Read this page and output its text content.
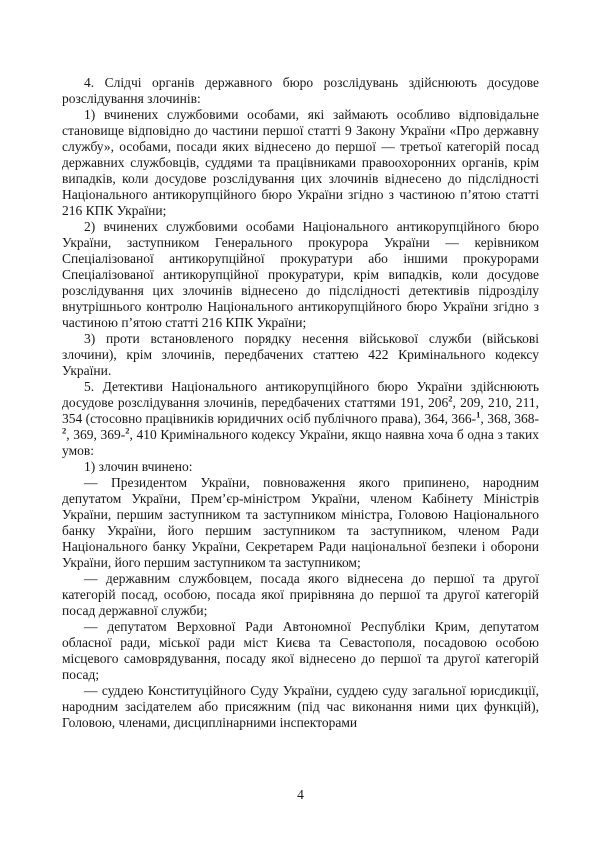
4. Слідчі органів державного бюро розслідувань здійснюють досудове розслідування злочинів:

1) вчинених службовими особами, які займають особливо відповідальне становище відповідно до частини першої статті 9 Закону України «Про державну службу», особами, посади яких віднесено до першої — третьої категорій посад державних службовців, суддями та працівниками правоохоронних органів, крім випадків, коли досудове розслідування цих злочинів віднесено до підслідності Національного антикорупційного бюро України згідно з частиною п’ятою статті 216 КПК України;

2) вчинених службовими особами Національного антикорупційного бюро України, заступником Генерального прокурора України — керівником Спеціалізованої антикорупційної прокуратури або іншими прокурорами Спеціалізованої антикорупційної прокуратури, крім випадків, коли досудове розслідування цих злочинів віднесено до підслідності детективів підрозділу внутрішнього контролю Національного антикорупційного бюро України згідно з частиною п’ятою статті 216 КПК України;

3) проти встановленого порядку несення військової служби (військові злочини), крім злочинів, передбачених статтею 422 Кримінального кодексу України.

5. Детективи Національного антикорупційного бюро України здійснюють досудове розслідування злочинів, передбачених статтями 191, $206^2$, 209, 210, 211, 354 (стосовно працівників юридичних осіб публічного права), 364, 366-$^1$, 368, 368-$^2$, 369, 369-$^2$, 410 Кримінального кодексу України, якщо наявна хоча б одна з таких умов:

1) злочин вчинено:

— Президентом України, повноваження якого припинено, народним депутатом України, Прем’єр-міністром України, членом Кабінету Міністрів України, першим заступником та заступником міністра, Головою Національного банку України, його першим заступником та заступником, членом Ради Національного банку України, Секретарем Ради національної безпеки і оборони України, його першим заступником та заступником;

— державним службовцем, посада якого віднесена до першої та другої категорій посад, особою, посада якої прирівняна до першої та другої категорій посад державної служби;

— депутатом Верховної Ради Автономної Республіки Крим, депутатом обласної ради, міської ради міст Києва та Севастополя, посадовою особою місцевого самоврядування, посаду якої віднесено до першої та другої категорій посад;

— суддею Конституційного Суду України, суддею суду загальної юрисдикції, народним засідателем або присяжним (під час виконання ними цих функцій), Головою, членами, дисциплінарними інспекторами

4
